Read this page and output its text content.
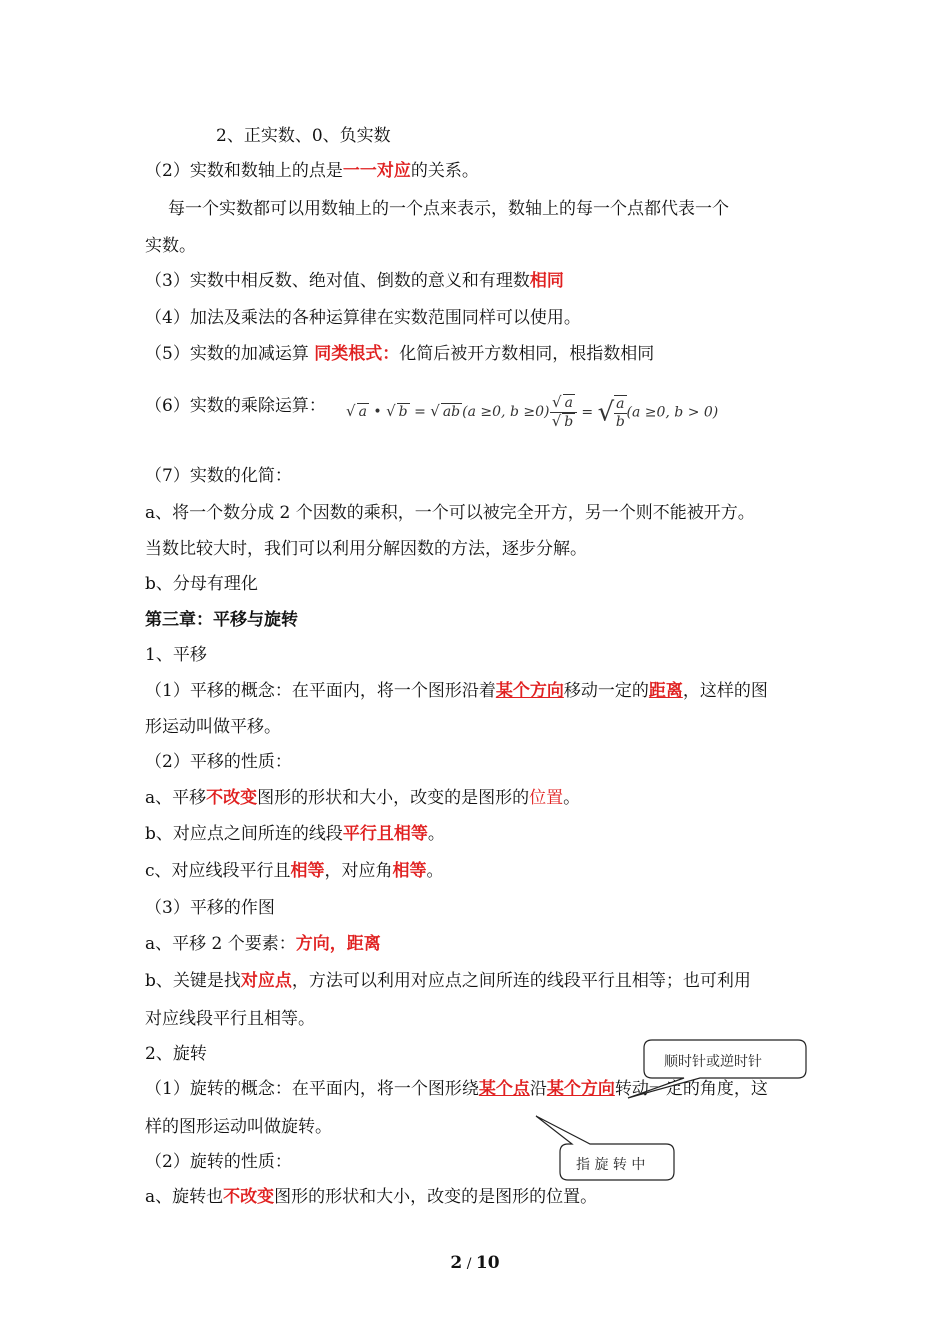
2、正实数、0、负实数
（2）实数和数轴上的点是一一对应的关系。
每一个实数都可以用数轴上的一个点来表示，数轴上的每一个点都代表一个
实数。
（3）实数中相反数、绝对值、倒数的意义和有理数相同
（4）加法及乘法的各种运算律在实数范围同样可以使用。
（5）实数的加减运算 同类根式：化简后被开方数相同，根指数相同
（6）实数的乘除运算： √ a • √ b = √ ab (a ≥0, $b \ge 0) \frac{√ a}{√ b}$ = √ $\frac{a}{b} (a \ge 0$, b > 0)
（7）实数的化简：
a、将一个数分成 2 个因数的乘积，一个可以被完全开方，另一个则不能被开方。
当数比较大时，我们可以利用分解因数的方法，逐步分解。
b、分母有理化
第三章：平移与旋转
1、平移
（1）平移的概念：在平面内，将一个图形沿着某个方向移动一定的距离，这样的图
形运动叫做平移。
（2）平移的性质：
a、平移不改变图形的形状和大小，改变的是图形的位置。
b、对应点之间所连的线段平行且相等。
c、对应线段平行且相等，对应角相等。
（3）平移的作图
a、平移 2 个要素：方向，距离
b、关键是找对应点，方法可以利用对应点之间所连的线段平行且相等；也可利用
对应线段平行且相等。
2、旋转
（1）旋转的概念：在平面内，将一个图形绕某个点沿某个方向转动一定的角度，这
样的图形运动叫做旋转。
（2）旋转的性质：
a、旋转也不改变图形的形状和大小，改变的是图形的位置。
顺时针或逆时针
指 旋 转 中
2 / 10
